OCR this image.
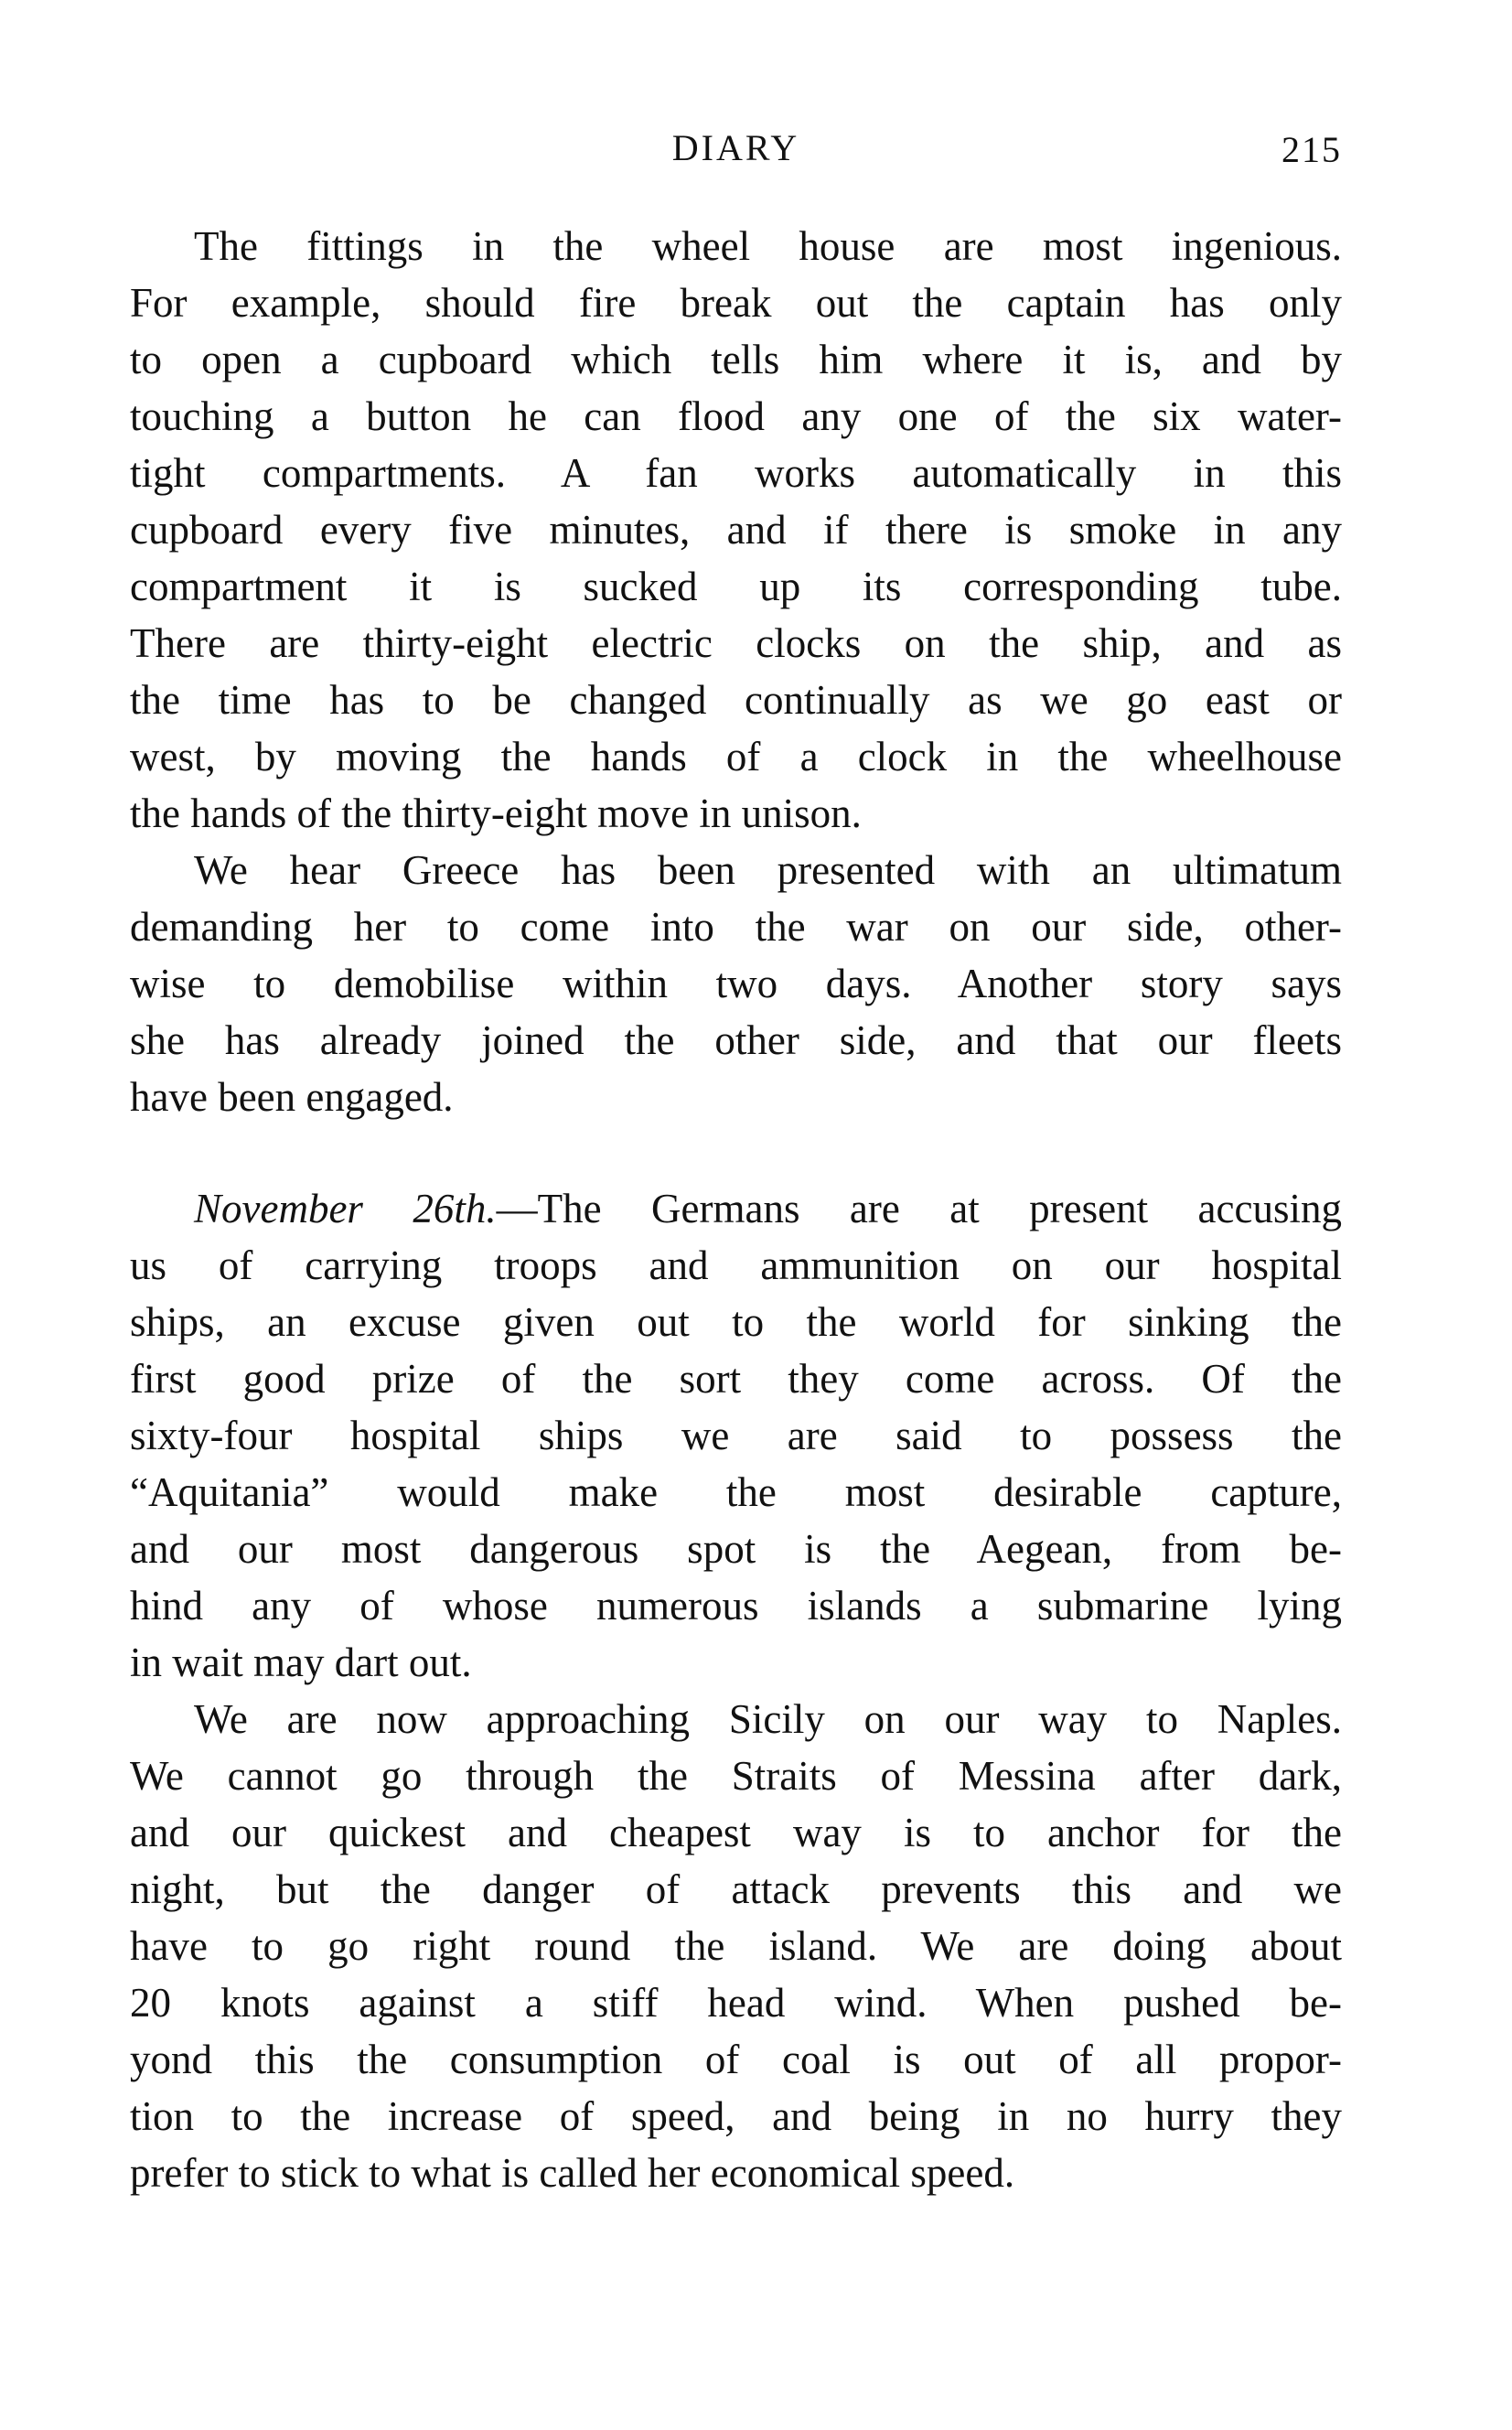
DIARY	215
The fittings in the wheel house are most ingenious.
For example, should fire break out the captain has only
to open a cupboard which tells him where it is, and by
touching a button he can flood any one of the six water-
tight compartments. A fan works automatically in this
cupboard every five minutes, and if there is smoke in any
compartment it is sucked up its corresponding tube.
There are thirty-eight electric clocks on the ship, and as
the time has to be changed continually as we go east or
west, by moving the hands of a clock in the wheelhouse
the hands of the thirty-eight move in unison.
We hear Greece has been presented with an ultimatum
demanding her to come into the war on our side, other-
wise to demobilise within two days. Another story says
she has already joined the other side, and that our fleets
have been engaged.
November 26th.—The Germans are at present accusing
us of carrying troops and ammunition on our hospital
ships, an excuse given out to the world for sinking the
first good prize of the sort they come across. Of the
sixty-four hospital ships we are said to possess the
“Aquitania” would make the most desirable capture,
and our most dangerous spot is the Aegean, from be-
hind any of whose numerous islands a submarine lying
in wait may dart out.
We are now approaching Sicily on our way to Naples.
We cannot go through the Straits of Messina after dark,
and our quickest and cheapest way is to anchor for the
night, but the danger of attack prevents this and we
have to go right round the island. We are doing about
20 knots against a stiff head wind. When pushed be-
yond this the consumption of coal is out of all propor-
tion to the increase of speed, and being in no hurry they
prefer to stick to what is called her economical speed.
